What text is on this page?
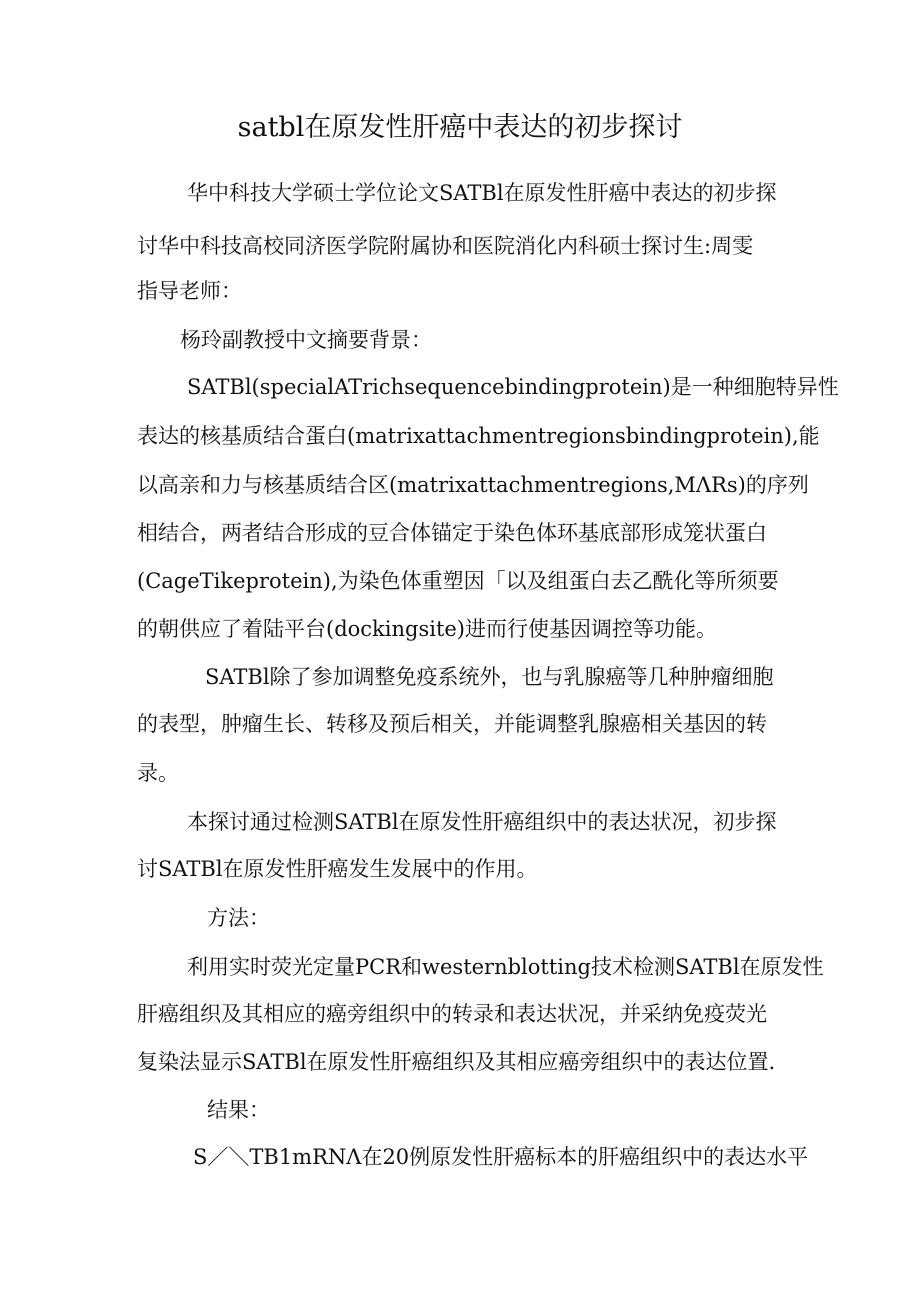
satbl在原发性肝癌中表达的初步探讨
华中科技大学硕士学位论文SATBl在原发性肝癌中表达的初步探
讨华中科技高校同济医学院附属协和医院消化内科硕士探讨生:周雯
指导老师：
杨玲副教授中文摘要背景：
SATBl(specialATrichsequencebindingprotein)是一种细胞特异性
表达的核基质结合蛋白(matrixattachmentregionsbindingprotein),能
以高亲和力与核基质结合区(matrixattachmentregions,MΛRs)的序列
相结合，两者结合形成的豆合体锚定于染色体环基底部形成笼状蛋白
(CageTikeprotein),为染色体重塑因「以及组蛋白去乙酰化等所须要
的朝供应了着陆平台(dockingsite)进而行使基因调控等功能。
SATBl除了参加调整免疫系统外，也与乳腺癌等几种肿瘤细胞
的表型，肿瘤生长、转移及预后相关，并能调整乳腺癌相关基因的转
录。
本探讨通过检测SATBl在原发性肝癌组织中的表达状况，初步探
讨SATBl在原发性肝癌发生发展中的作用。
方法：
利用实时荧光定量PCR和westernblotting技术检测SATBl在原发性
肝癌组织及其相应的癌旁组织中的转录和表达状况，并采纳免疫荧光
复染法显示SATBl在原发性肝癌组织及其相应癌旁组织中的表达位置.
结果：
S／＼TB1mRNΛ在20例原发性肝癌标本的肝癌组织中的表达水平
